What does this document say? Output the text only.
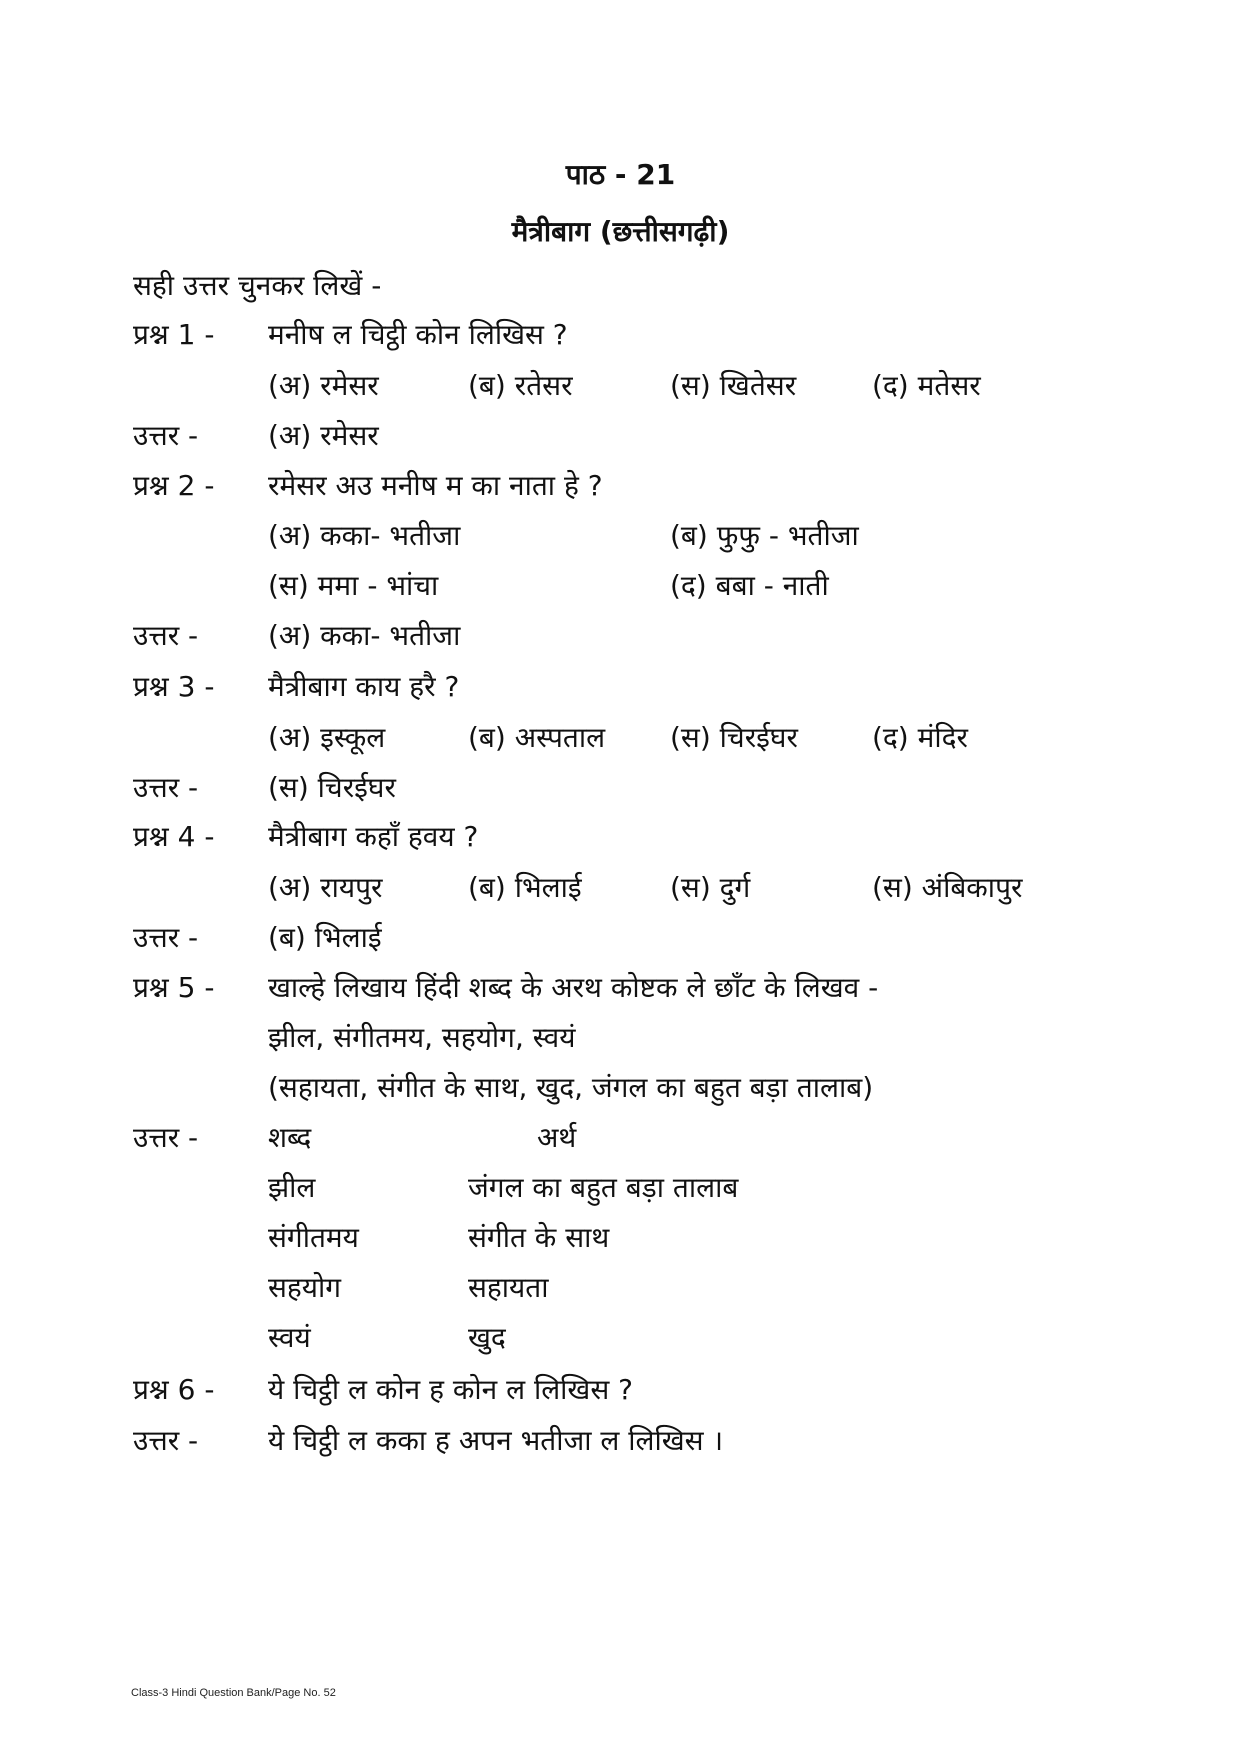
पाठ - 21
मैत्रीबाग (छत्तीसगढ़ी)
सही उत्तर चुनकर लिखें -
प्रश्न 1 - मनीष ल चिट्ठी कोन लिखिस ?
(अ) रमेसर	(ब) रतेसर	(स) खितेसर	(द) मतेसर
उत्तर - (अ) रमेसर
प्रश्न 2 - रमेसर अउ मनीष म का नाता हे ?
(अ) कका- भतीजा	(ब) फुफु - भतीजा
(स) ममा - भांचा	(द) बबा - नाती
उत्तर - (अ) कका- भतीजा
प्रश्न 3 - मैत्रीबाग काय हरै ?
(अ) इस्कूल	(ब) अस्पताल (स) चिरईघर	(द) मंदिर
उत्तर - (स) चिरईघर
प्रश्न 4 - मैत्रीबाग कहाँ हवय ?
(अ) रायपुर	(ब) भिलाई	(स) दुर्ग	(स) अंबिकापुर
उत्तर - (ब) भिलाई
प्रश्न 5 - खाल्हे लिखाय हिंदी शब्द के अरथ कोष्टक ले छाँट के लिखव -
झील, संगीतमय, सहयोग, स्वयं
(सहायता, संगीत के साथ, खुद, जंगल का बहुत बड़ा तालाब)
उत्तर - शब्द	अर्थ
झील	जंगल का बहुत बड़ा तालाब
संगीतमय	संगीत के साथ
सहयोग	सहायता
स्वयं	खुद
प्रश्न 6 - ये चिट्ठी ल कोन ह कोन ल लिखिस ?
उत्तर - ये चिट्ठी ल कका ह अपन भतीजा ल लिखिस ।
Class-3 Hindi Question Bank/Page No. 52
